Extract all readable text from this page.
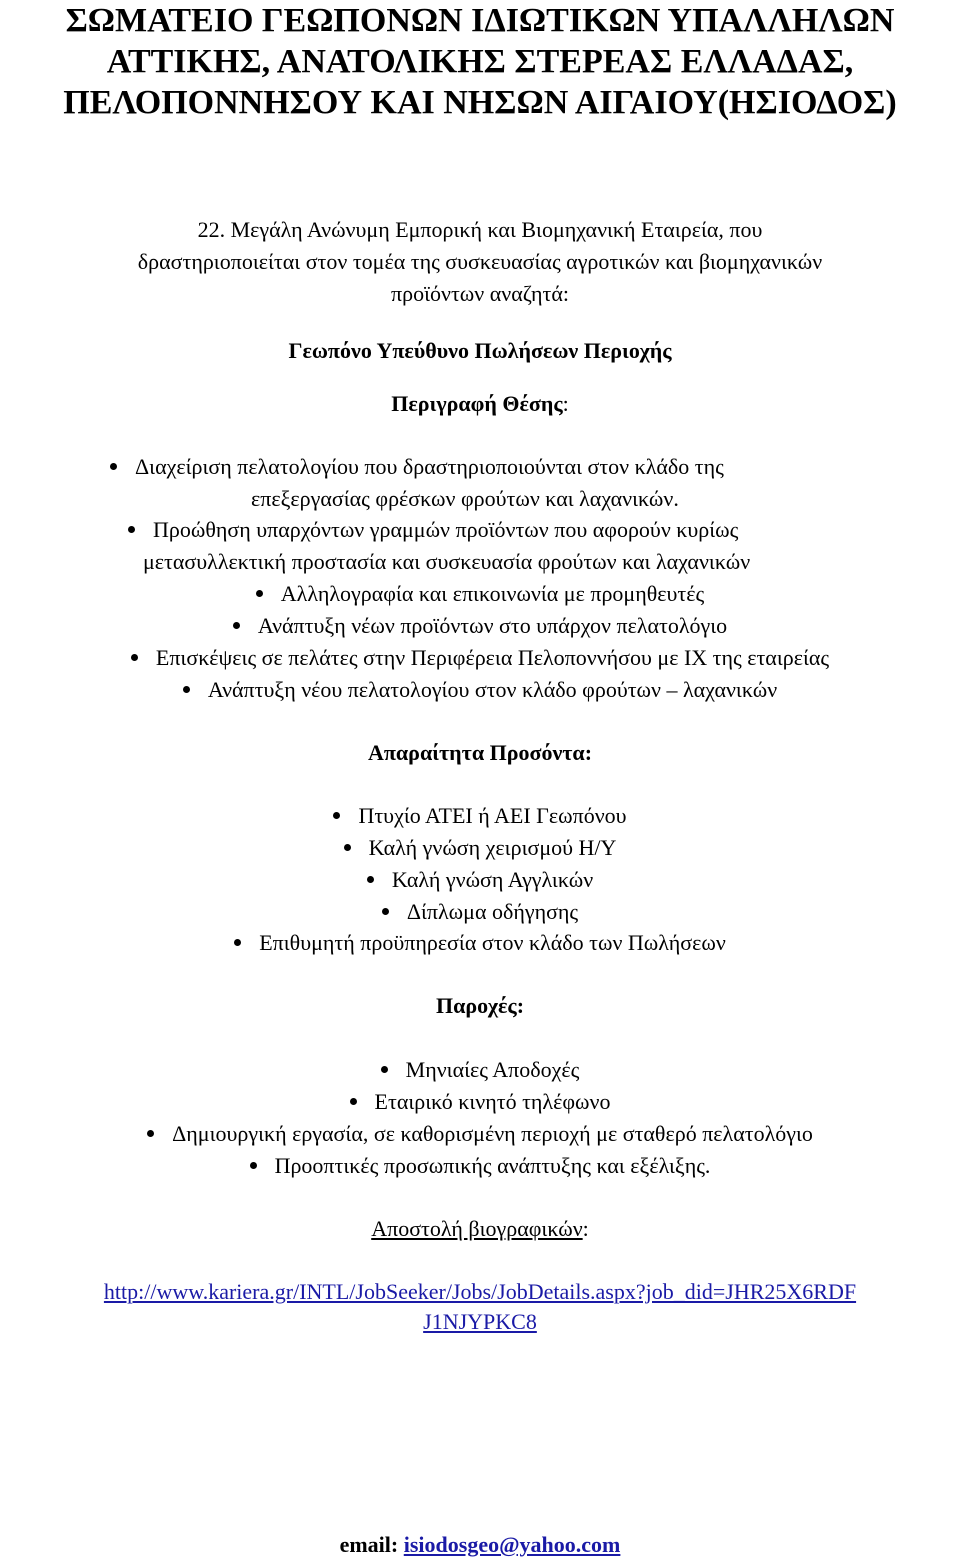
ΣΩΜΑΤΕΙΟ ΓΕΩΠΟΝΩΝ ΙΔΙΩΤΙΚΩΝ ΥΠΑΛΛΗΛΩΝ
ΑΤΤΙΚΗΣ, ΑΝΑΤΟΛΙΚΗΣ ΣΤΕΡΕΑΣ ΕΛΛΑΔΑΣ,
ΠΕΛΟΠΟΝΝΗΣΟΥ ΚΑΙ ΝΗΣΩΝ ΑΙΓΑΙΟΥ(ΗΣΙΟΔΟΣ)
22. Μεγάλη Ανώνυμη Εμπορική και Βιομηχανική Εταιρεία, που
δραστηριοποιείται στον τομέα της συσκευασίας αγροτικών και βιομηχανικών
προϊόντων αναζητά:
Γεωπόνο Υπεύθυνο Πωλήσεων Περιοχής
Περιγραφή Θέσης:
Διαχείριση πελατολογίου που δραστηριοποιούνται στον κλάδο της
επεξεργασίας φρέσκων φρούτων και λαχανικών.
Προώθηση υπαρχόντων γραμμών προϊόντων που αφορούν κυρίως
μετασυλλεκτική προστασία και συσκευασία φρούτων και λαχανικών
Αλληλογραφία και επικοινωνία με προμηθευτές
Ανάπτυξη νέων προϊόντων στο υπάρχον πελατολόγιο
Επισκέψεις σε πελάτες στην Περιφέρεια Πελοποννήσου με ΙΧ της εταιρείας
Ανάπτυξη νέου πελατολογίου στον κλάδο φρούτων – λαχανικών
Απαραίτητα Προσόντα:
Πτυχίο ΑΤΕΙ ή ΑΕΙ Γεωπόνου
Καλή γνώση χειρισμού Η/Υ
Καλή γνώση Αγγλικών
Δίπλωμα οδήγησης
Επιθυμητή προϋπηρεσία στον κλάδο των Πωλήσεων
Παροχές:
Μηνιαίες Αποδοχές
Εταιρικό κινητό τηλέφωνο
Δημιουργική εργασία, σε καθορισμένη περιοχή με σταθερό πελατολόγιο
Προοπτικές προσωπικής ανάπτυξης και εξέλιξης.
Αποστολή βιογραφικών:
http://www.kariera.gr/INTL/JobSeeker/Jobs/JobDetails.aspx?job_did=JHR25X6RDF
J1NJYPKC8
email: isiodosgeo@yahoo.com
